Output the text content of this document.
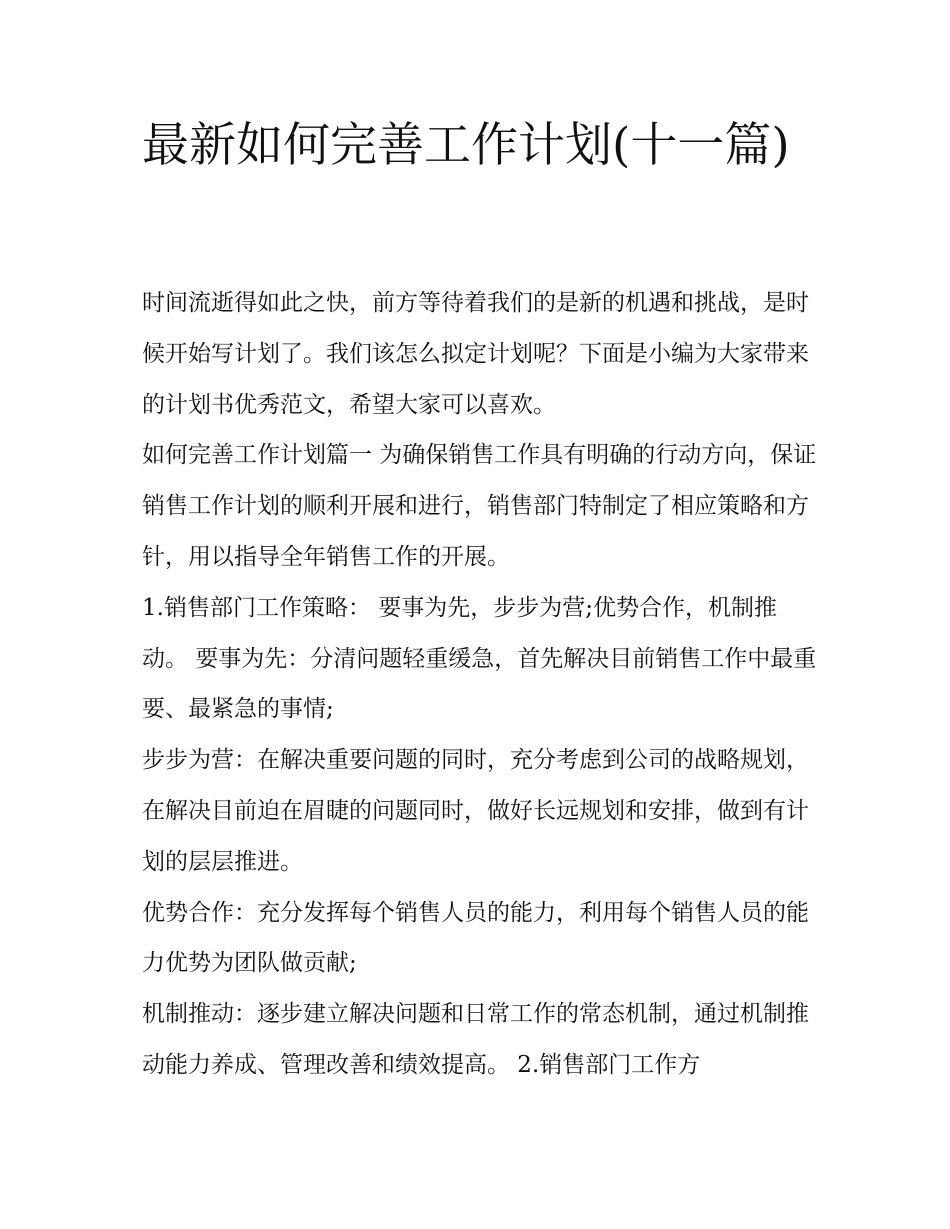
最新如何完善工作计划(十一篇)

时间流逝得如此之快，前方等待着我们的是新的机遇和挑战，是时候开始写计划了。我们该怎么拟定计划呢？下面是小编为大家带来的计划书优秀范文，希望大家可以喜欢。

如何完善工作计划篇一 为确保销售工作具有明确的行动方向，保证销售工作计划的顺利开展和进行，销售部门特制定了相应策略和方针，用以指导全年销售工作的开展。

1.销售部门工作策略： 要事为先，步步为营;优势合作，机制推动。 要事为先：分清问题轻重缓急，首先解决目前销售工作中最重要、最紧急的事情;

步步为营：在解决重要问题的同时，充分考虑到公司的战略规划，在解决目前迫在眉睫的问题同时，做好长远规划和安排，做到有计划的层层推进。

优势合作：充分发挥每个销售人员的能力，利用每个销售人员的能力优势为团队做贡献;

机制推动：逐步建立解决问题和日常工作的常态机制，通过机制推动能力养成、管理改善和绩效提高。 2.销售部门工作方
